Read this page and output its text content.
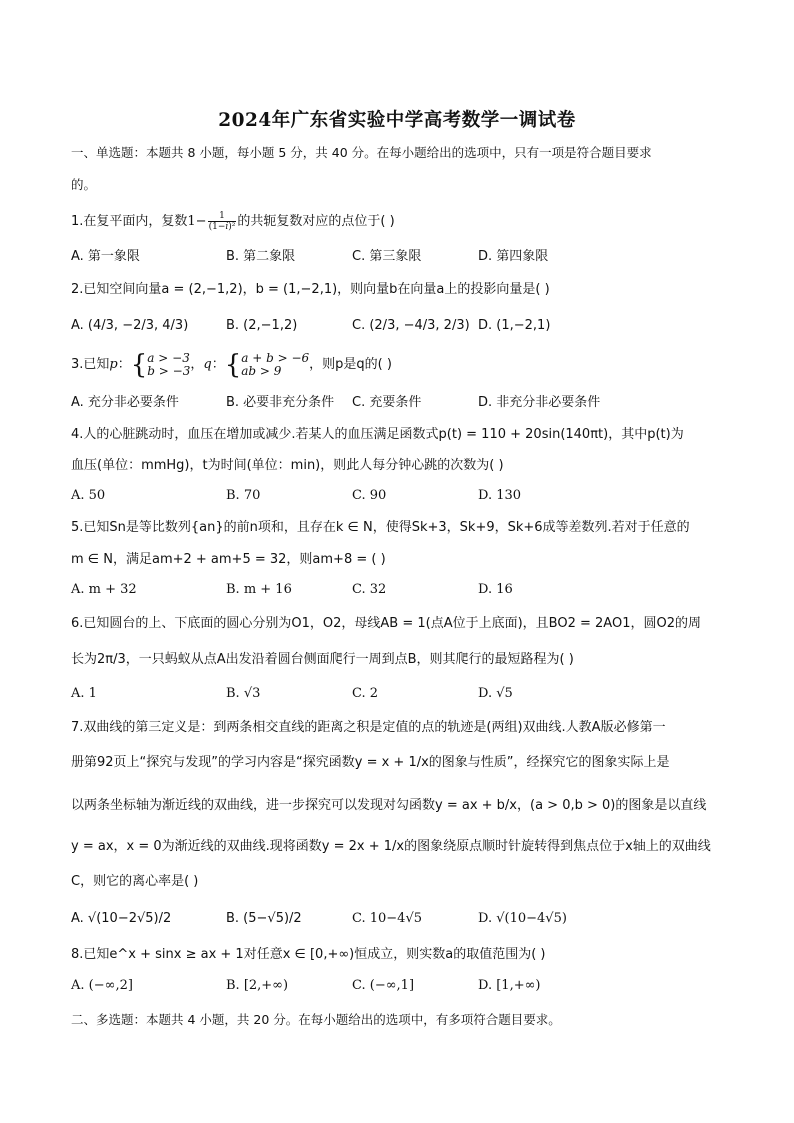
2024年广东省实验中学高考数学一调试卷
一、单选题：本题共 8 小题，每小题 5 分，共 40 分。在每小题给出的选项中，只有一项是符合题目要求
的。
1.在复平面内，复数$1- \frac{1}{\text{(1−i)²}}$ 的共轭复数对应的点位于( )
A. 第一象限	B. 第二象限	C. 第三象限	D. 第四象限
2.已知空间向量a = (2,−1,2)，b = (1,−2,1)，则向量b在向量a上的投影向量是( )
A. (4/3, −2/3, 4/3)	B. (2,−1,2)	C. (2/3, −4/3, 2/3) D. (1,−2,1)
3.已知p：{a > −3
b > −3，q：{a + b > −6
ab > 9 ，则p是q的( )
A. 充分非必要条件	B. 必要非充分条件 C. 充要条件	D. 非充分非必要条件
4.人的心脏跳动时，血压在增加或减少.若某人的血压满足函数式p(t) = 110 + 20sin(140πt)，其中p(t)为
血压(单位：mmHg)，t为时间(单位：min)，则此人每分钟心跳的次数为( )
A. 50	B. 70	C. 90	D. 130
5.已知Sn是等比数列{an}的前n项和，且存在k ∈ N，使得Sk+3，Sk+9，Sk+6成等差数列.若对于任意的
m ∈ N，满足am+2 + am+5 = 32，则am+8 = ( )
A. m + 32	B. m + 16	C. 32	D. 16
6.已知圆台的上、下底面的圆心分别为O1，O2，母线AB = 1(点A位于上底面)，且BO2 = 2AO1，圆O2的周
长为2π/3，一只蚂蚁从点A出发沿着圆台侧面爬行一周到点B，则其爬行的最短路程为( )
A. 1	B. √3	C. 2	D. √5
7.双曲线的第三定义是：到两条相交直线的距离之积是定值的点的轨迹是(两组)双曲线.人教A版必修第一
册第92页上“探究与发现”的学习内容是“探究函数y = x + 1/x的图象与性质”，经探究它的图象实际上是
以两条坐标轴为渐近线的双曲线，进一步探究可以发现对勾函数y = ax + b/x，(a > 0,b > 0)的图象是以直线
y = ax，x = 0为渐近线的双曲线.现将函数y = 2x + 1/x的图象绕原点顺时针旋转得到焦点位于x轴上的双曲线
C，则它的离心率是( )
A. √(10−2√5)/2	B. (5−√5)/2	C. 10−4√5	D. √(10−4√5)
8.已知e^x + sinx ≥ ax + 1对任意x ∈ [0,+∞)恒成立，则实数a的取值范围为( )
A. (−∞,2]	B. [2,+∞)	C. (−∞,1]	D. [1,+∞)
二、多选题：本题共 4 小题，共 20 分。在每小题给出的选项中，有多项符合题目要求。
